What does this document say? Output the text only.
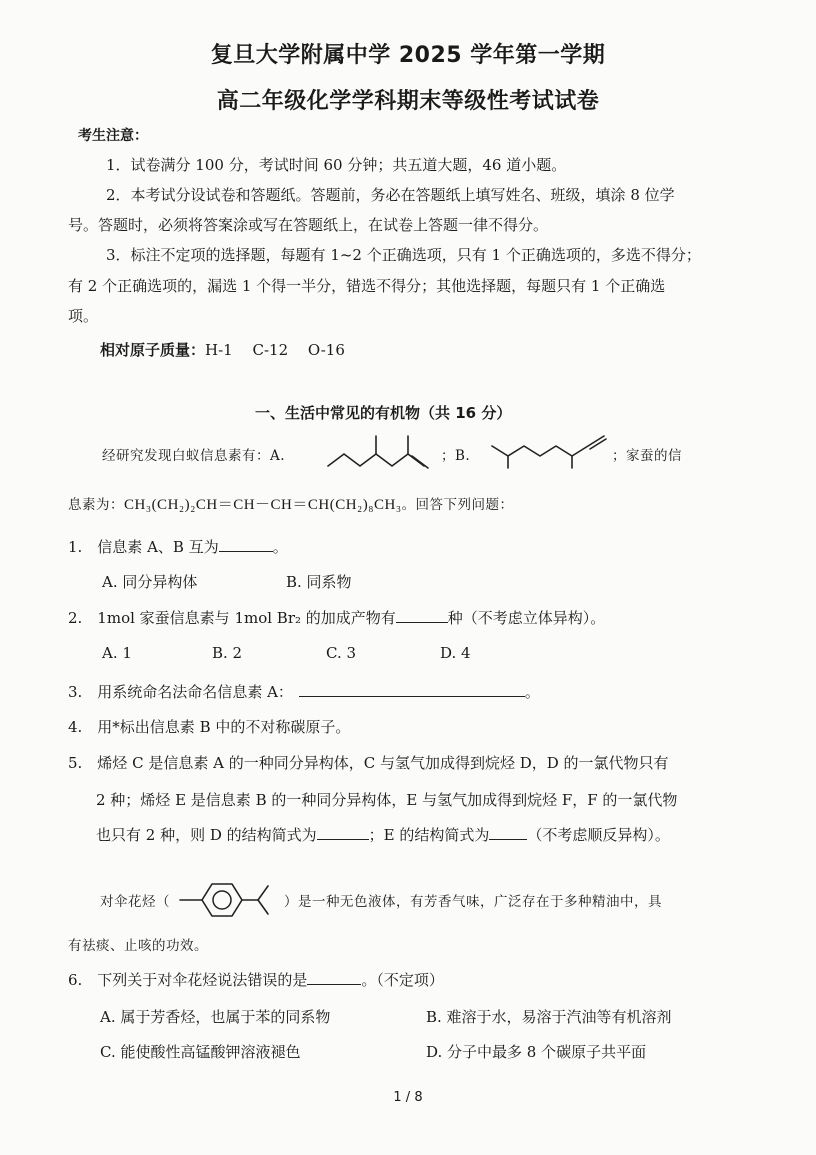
复旦大学附属中学 2025 学年第一学期
高二年级化学学科期末等级性考试试卷
考生注意：
1．试卷满分 100 分，考试时间 60 分钟；共五道大题，46 道小题。
2．本考试分设试卷和答题纸。答题前，务必在答题纸上填写姓名、班级，填涂 8 位学
号。答题时，必须将答案涂或写在答题纸上，在试卷上答题一律不得分。
3．标注不定项的选择题，每题有 1~2 个正确选项，只有 1 个正确选项的，多选不得分；
有 2 个正确选项的，漏选 1 个得一半分，错选不得分；其他选择题，每题只有 1 个正确选
项。
相对原子质量：H-1　 C-12　 O-16
一、生活中常见的有机物（共 16 分）
经研究发现白蚁信息素有：A.	；B.	；家蚕的信
息素为：CH₃(CH₂)₂CH＝CH－CH＝CH(CH₂)₈CH₃。回答下列问题：
1.　信息素 A、B 互为	。
A. 同分异构体	B. 同系物
2.　1mol 家蚕信息素与 1mol Br₂ 的加成产物有	种（不考虑立体异构）。
A. 1	B. 2	C. 3	D. 4
3.　用系统命名法命名信息素 A：	。
4.　用*标出信息素 B 中的不对称碳原子。
5.　烯烃 C 是信息素 A 的一种同分异构体，C 与氢气加成得到烷烃 D，D 的一氯代物只有
2 种；烯烃 E 是信息素 B 的一种同分异构体，E 与氢气加成得到烷烃 F，F 的一氯代物
也只有 2 种，则 D 的结构简式为	；E 的结构简式为	（不考虑顺反异构）。
对伞花烃（	）是一种无色液体，有芳香气味，广泛存在于多种精油中，具
有祛痰、止咳的功效。
6.　下列关于对伞花烃说法错误的是	。（不定项）
A. 属于芳香烃，也属于苯的同系物	B. 难溶于水，易溶于汽油等有机溶剂
C. 能使酸性高锰酸钾溶液褪色	D. 分子中最多 8 个碳原子共平面
1 / 8
